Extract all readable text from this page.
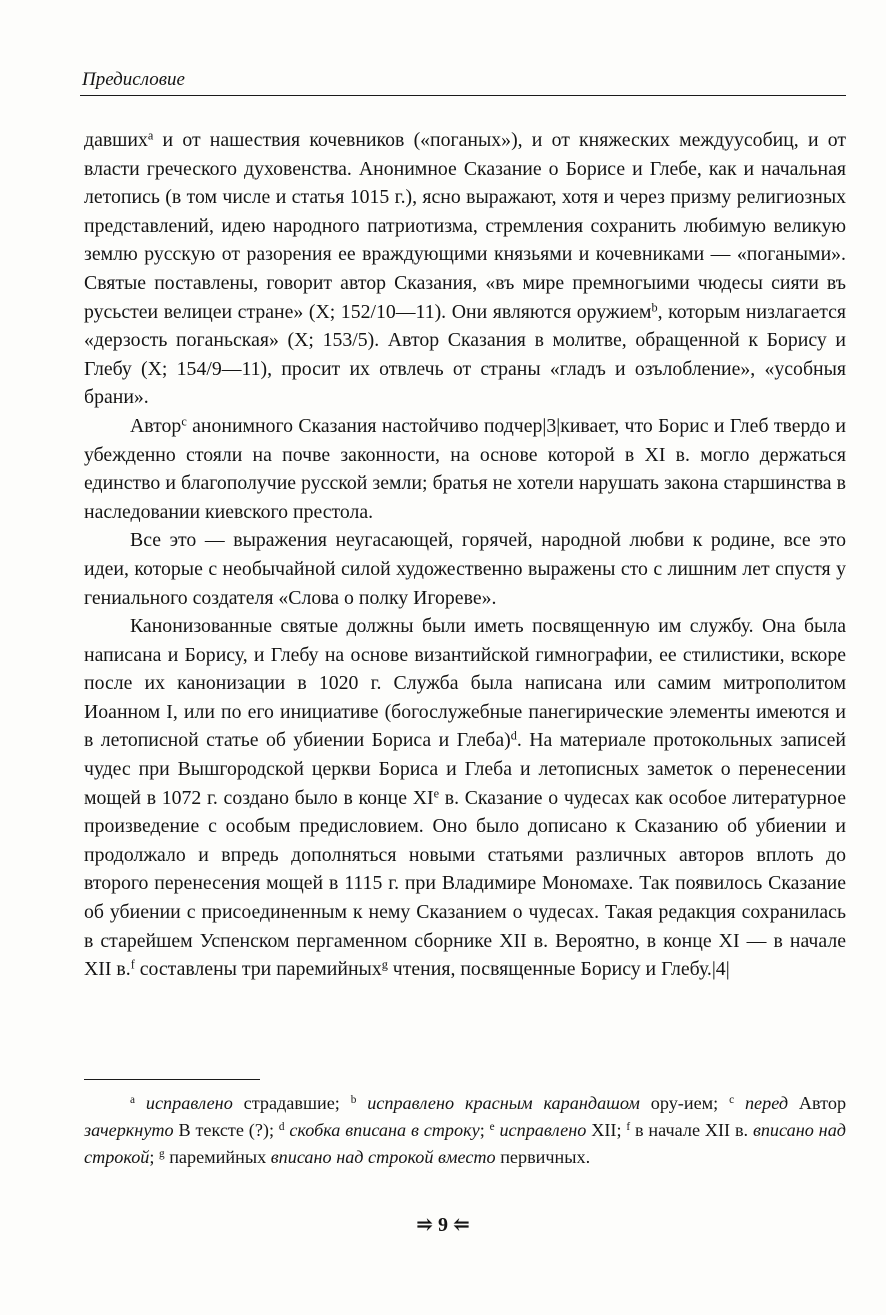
Предисловие

давших$^a$ и от нашествия кочевников («поганых»), и от княжеских междуусобиц, и от власти греческого духовенства. Анонимное Сказание о Борисе и Глебе, как и начальная летопись (в том числе и статья 1015 г.), ясно выражают, хотя и через призму религиозных представлений, идею народного патриотизма, стремления сохранить любимую великую землю русскую от разорения ее враждующими князьями и кочевниками — «погаными». Святые поставлены, говорит автор Сказания, «въ мире премногыими чюдесы сияти въ русьстеи велицеи стране» (X; 152/10—11). Они являются оружием$^b$, которым низлагается «дерзость поганьская» (X; 153/5). Автор Сказания в молитве, обращенной к Борису и Глебу (X; 154/9—11), просит их отвлечь от страны «гладъ и озълобление», «усобныя брани».

Автор$^c$ анонимного Сказания настойчиво подчер|3|кивает, что Борис и Глеб твердо и убежденно стояли на почве законности, на основе которой в XI в. могло держаться единство и благополучие русской земли; братья не хотели нарушать закона старшинства в наследовании киевского престола.

Все это — выражения неугасающей, горячей, народной любви к родине, все это идеи, которые с необычайной силой художественно выражены сто с лишним лет спустя у гениального создателя «Слова о полку Игореве».

Канонизованные святые должны были иметь посвященную им службу. Она была написана и Борису, и Глебу на основе византийской гимнографии, ее стилистики, вскоре после их канонизации в 1020 г. Служба была написана или самим митрополитом Иоанном I, или по его инициативе (богослужебные панегирические элементы имеются и в летописной статье об убиении Бориса и Глеба)$^d$. На материале протокольных записей чудес при Вышгородской церкви Бориса и Глеба и летописных заметок о перенесении мощей в 1072 г. создано было в конце XIe в. Сказание о чудесах как особое литературное произведение с особым предисловием. Оно было дописано к Сказанию об убиении и продолжало и впредь дополняться новыми статьями различных авторов вплоть до второго перенесения мощей в 1115 г. при Владимире Мономахе. Так появилось Сказание об убиении с присоединенным к нему Сказанием о чудесах. Такая редакция сохранилась в старейшем Успенском пергаменном сборнике XII в. Вероятно, в конце XI — в начале XII в.$^f$ составлены три паремийных$^g$ чтения, посвященные Борису и Глебу.|4|

$^a$ исправлено страдавшие; $^b$ исправлено красным карандашом ору-ием; $^c$ перед Автор зачеркнуто В тексте (?); $^d$ скобка вписана в строку; $^e$ исправлено XII; $^f$ в начале XII в. вписано над строкой; $^g$ паремийных вписано над строкой вместо первичных.

⥤ 9 ⥢
